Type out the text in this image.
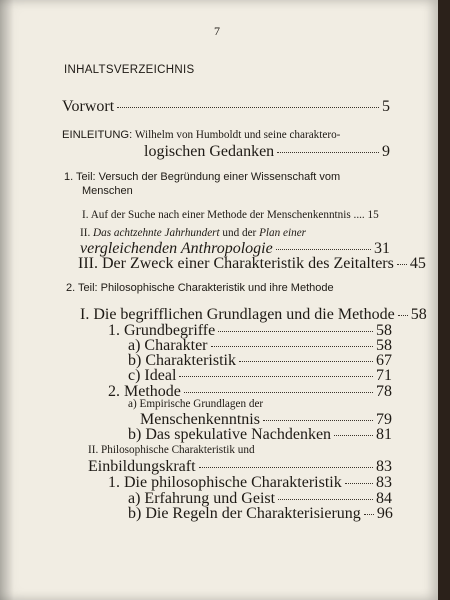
7
INHALTSVERZEICHNIS
Vorwort	5
EINLEITUNG: Wilhelm von Humboldt und seine charaktero-
logischen Gedanken	9
1. Teil: Versuch der Begründung einer Wissenschaft vom
Menschen
I. Auf der Suche nach einer Methode der Menschenkenntnis .... 15
II. Das achtzehnte Jahrhundert und der Plan einer
vergleichenden Anthropologie	31
III. Der Zweck einer Charakteristik des Zeitalters 45
2. Teil: Philosophische Charakteristik und ihre Methode
I. Die begrifflichen Grundlagen und die Methode 58
1. Grundbegriffe	58
a) Charakter	58
b) Charakteristik	67
c) Ideal	71
2. Methode	78
a) Empirische Grundlagen der
Menschenkenntnis	79
b) Das spekulative Nachdenken	81
II. Philosophische Charakteristik und
Einbildungskraft	83
1. Die philosophische Charakteristik 83
a) Erfahrung und Geist	84
b) Die Regeln der Charakterisierung 96
